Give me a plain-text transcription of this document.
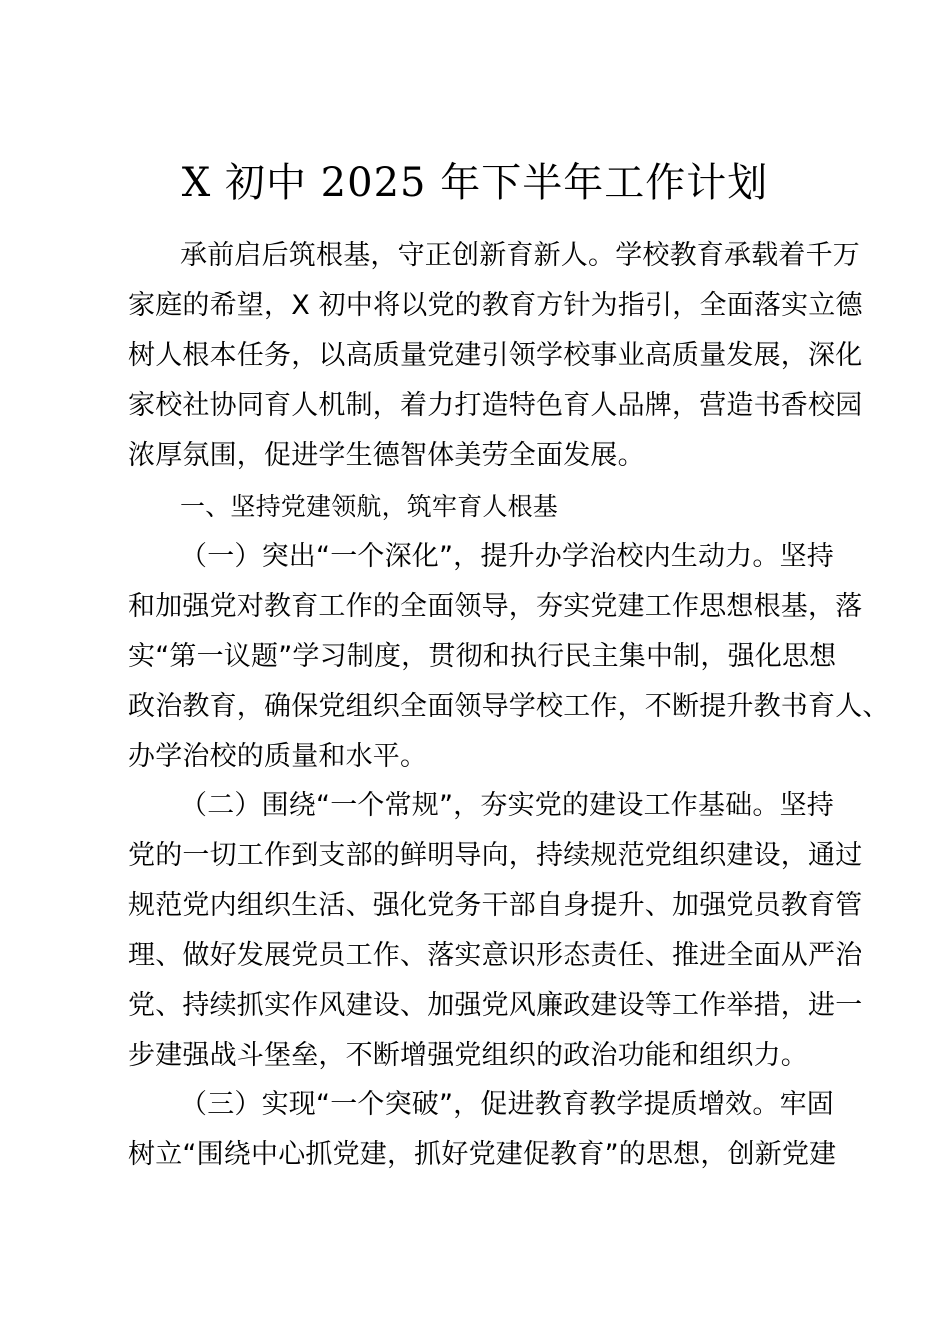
X 初中 2025 年下半年工作计划
承前启后筑根基，守正创新育新人。学校教育承载着千万
家庭的希望，X 初中将以党的教育方针为指引，全面落实立德
树人根本任务，以高质量党建引领学校事业高质量发展，深化
家校社协同育人机制，着力打造特色育人品牌，营造书香校园
浓厚氛围，促进学生德智体美劳全面发展。
一、坚持党建领航，筑牢育人根基
（一）突出“一个深化”，提升办学治校内生动力。坚持
和加强党对教育工作的全面领导，夯实党建工作思想根基，落
实“第一议题”学习制度，贯彻和执行民主集中制，强化思想
政治教育，确保党组织全面领导学校工作，不断提升教书育人、
办学治校的质量和水平。
（二）围绕“一个常规”，夯实党的建设工作基础。坚持
党的一切工作到支部的鲜明导向，持续规范党组织建设，通过
规范党内组织生活、强化党务干部自身提升、加强党员教育管
理、做好发展党员工作、落实意识形态责任、推进全面从严治
党、持续抓实作风建设、加强党风廉政建设等工作举措，进一
步建强战斗堡垒，不断增强党组织的政治功能和组织力。
（三）实现“一个突破”，促进教育教学提质增效。牢固
树立“围绕中心抓党建，抓好党建促教育”的思想，创新党建
